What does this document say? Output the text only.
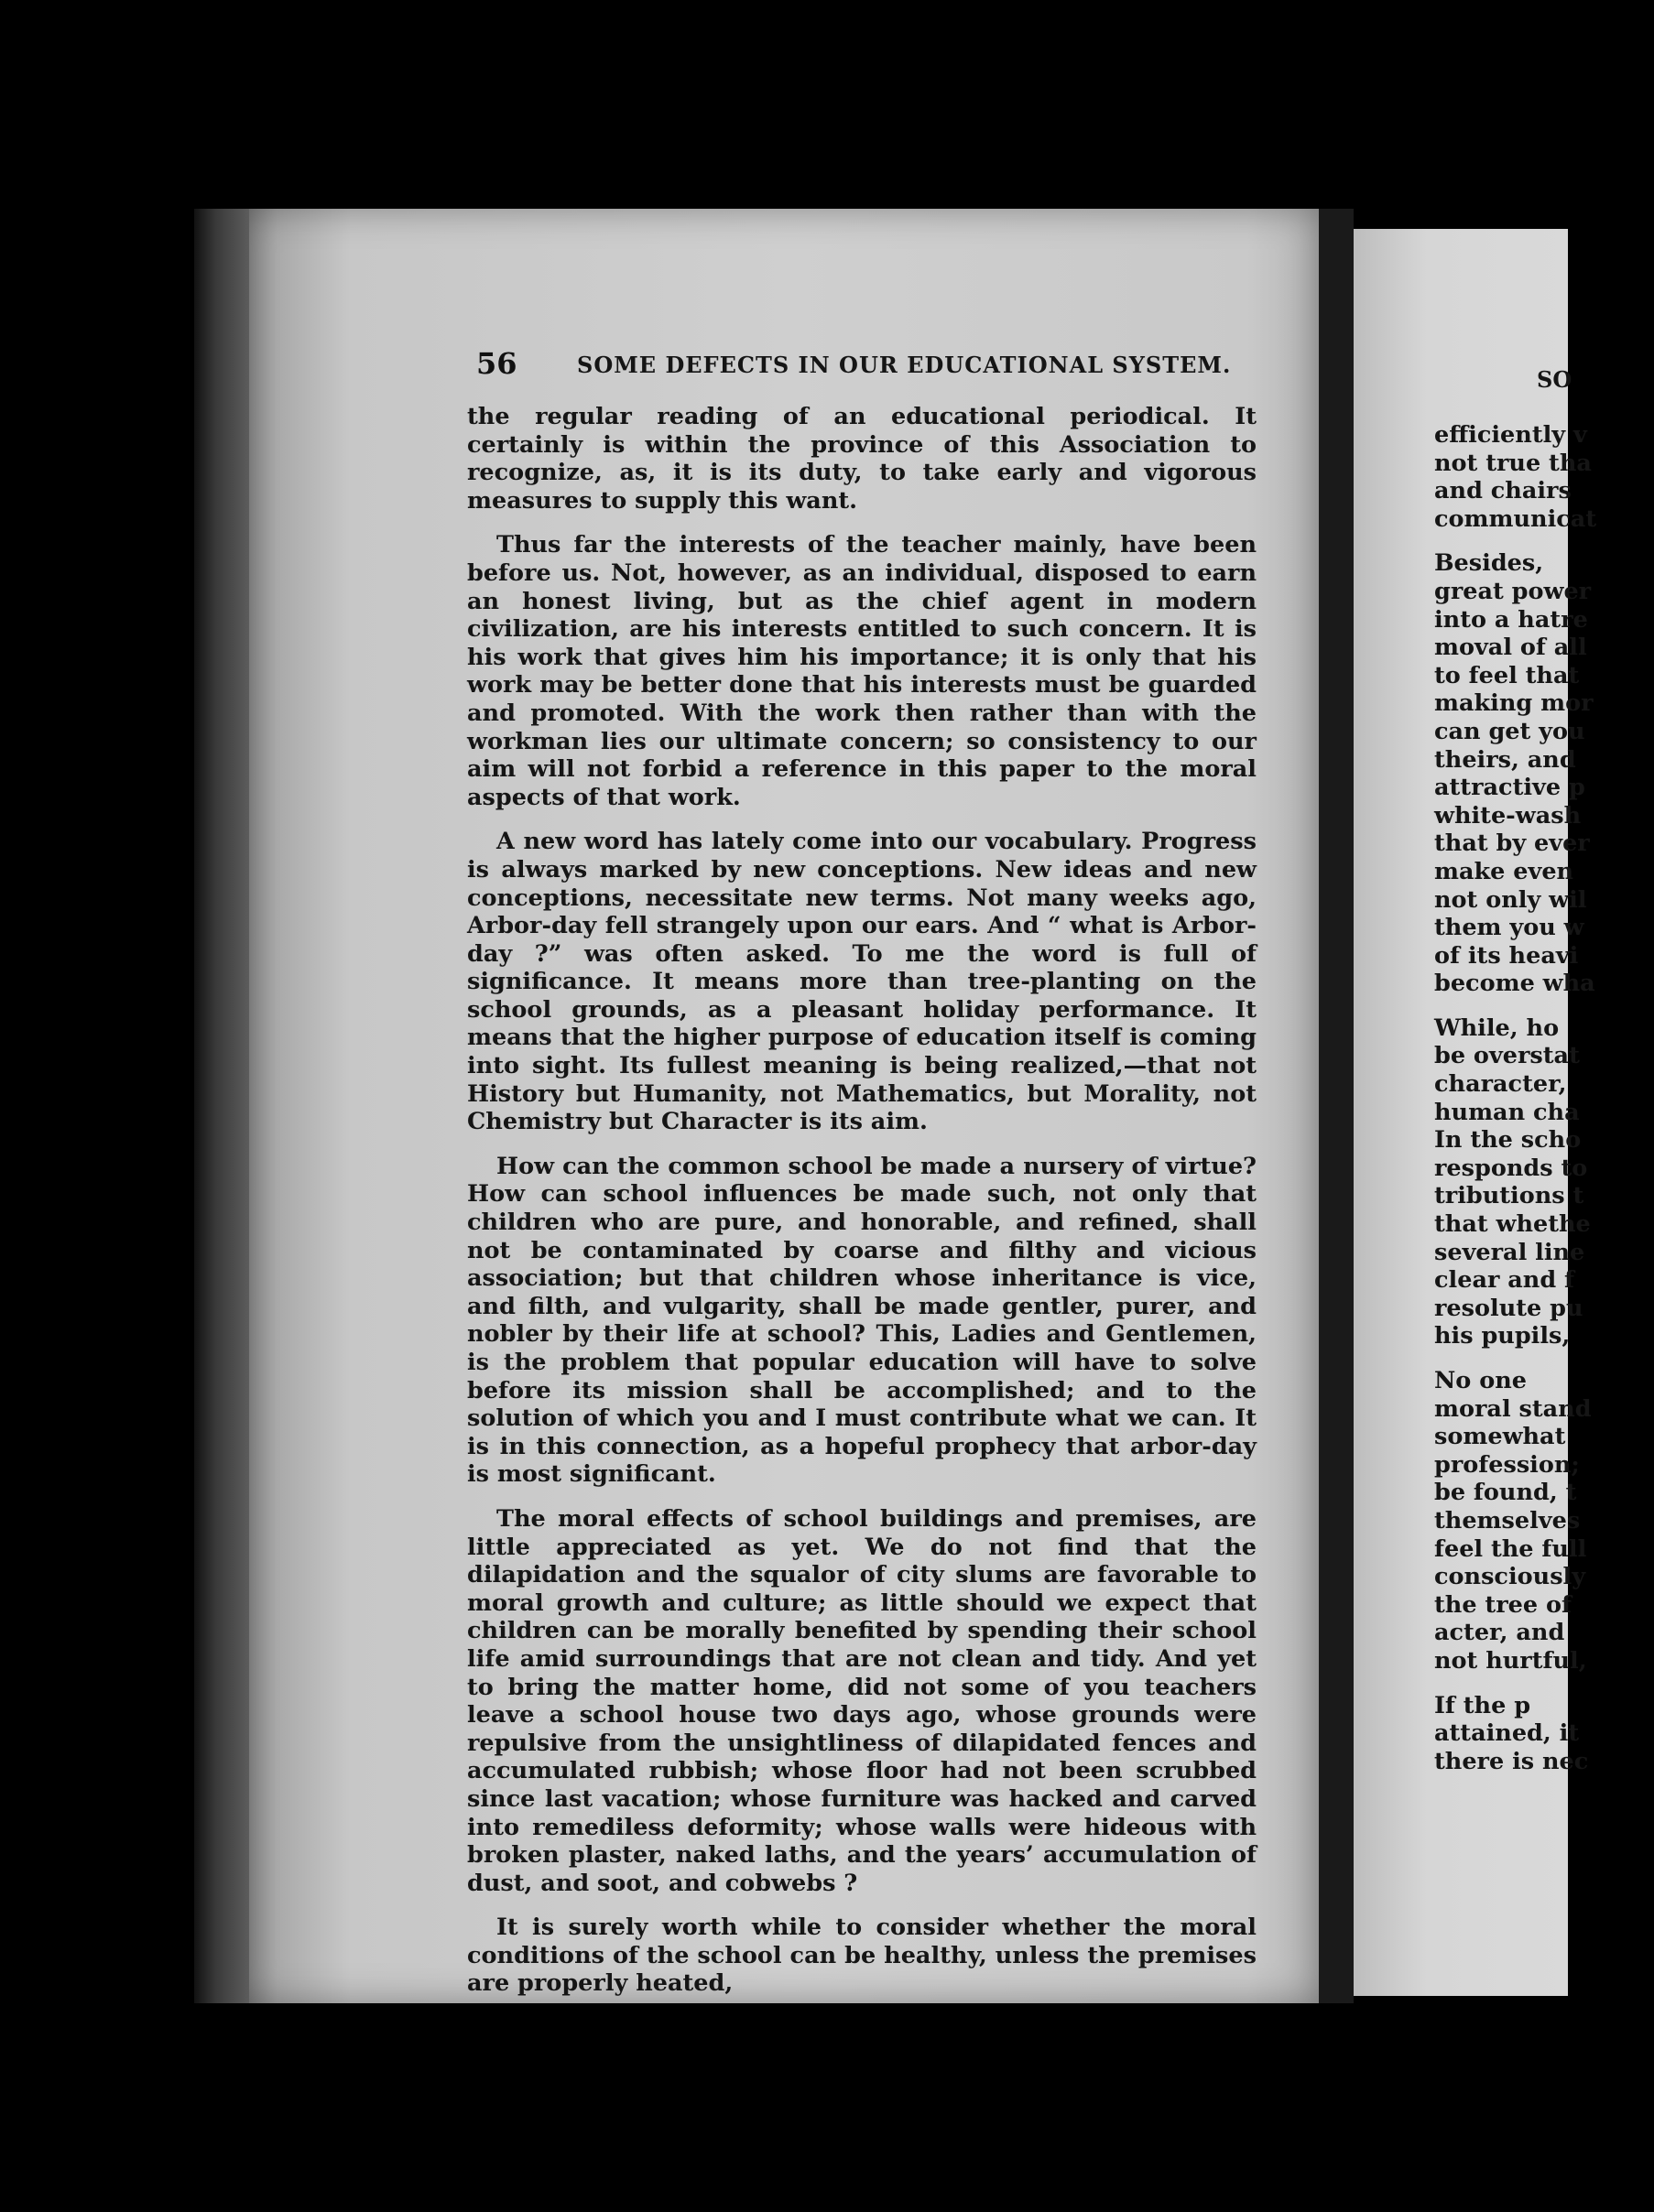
SO
efficiently v
not true tha
and chairs
communicat
Besides,
great power
into a hatre
moval of all
to feel that
making mor
can get you
theirs, and
attractive p
white-wash
that by ever
make even
not only wil
them you w
of its heavi
become wha
While, ho
be overstat
character,
human cha
In the scho
responds to
tributions t
that whethe
several line
clear and f
resolute pu
his pupils,
No one
moral stand
somewhat
profession;
be found, t
themselves
feel the full
consciously
the tree of
acter, and
not hurtful,
If the p
attained, it
there is nec
56	SOME DEFECTS IN OUR EDUCATIONAL SYSTEM.

the regular reading of an educational periodical. It certainly is within the province of this Association to recognize, as, it is its duty, to take early and vigorous measures to supply this want.

Thus far the interests of the teacher mainly, have been before us. Not, however, as an individual, disposed to earn an honest living, but as the chief agent in modern civilization, are his interests entitled to such concern. It is his work that gives him his importance; it is only that his work may be better done that his interests must be guarded and promoted. With the work then rather than with the workman lies our ultimate concern; so consistency to our aim will not forbid a reference in this paper to the moral aspects of that work.

A new word has lately come into our vocabulary. Progress is always marked by new conceptions. New ideas and new conceptions, necessitate new terms. Not many weeks ago, Arbor-day fell strangely upon our ears. And “ what is Arbor-day ?” was often asked. To me the word is full of significance. It means more than tree-planting on the school grounds, as a pleasant holiday performance. It means that the higher purpose of education itself is coming into sight. Its fullest meaning is being realized,—that not History but Humanity, not Mathematics, but Morality, not Chemistry but Character is its aim.

How can the common school be made a nursery of virtue? How can school influences be made such, not only that children who are pure, and honorable, and refined, shall not be contaminated by coarse and filthy and vicious association; but that children whose inheritance is vice, and filth, and vulgarity, shall be made gentler, purer, and nobler by their life at school? This, Ladies and Gentlemen, is the problem that popular education will have to solve before its mission shall be accomplished; and to the solution of which you and I must contribute what we can. It is in this connection, as a hopeful prophecy that arbor-day is most significant.

The moral effects of school buildings and premises, are little appreciated as yet. We do not find that the dilapidation and the squalor of city slums are favorable to moral growth and culture; as little should we expect that children can be morally benefited by spending their school life amid surroundings that are not clean and tidy. And yet to bring the matter home, did not some of you teachers leave a school house two days ago, whose grounds were repulsive from the unsightliness of dilapidated fences and accumulated rubbish; whose floor had not been scrubbed since last vacation; whose furniture was hacked and carved into remediless deformity; whose walls were hideous with broken plaster, naked laths, and the years’ accumulation of dust, and soot, and cobwebs ?

It is surely worth while to consider whether the moral conditions of the school can be healthy, unless the premises are properly heated,
